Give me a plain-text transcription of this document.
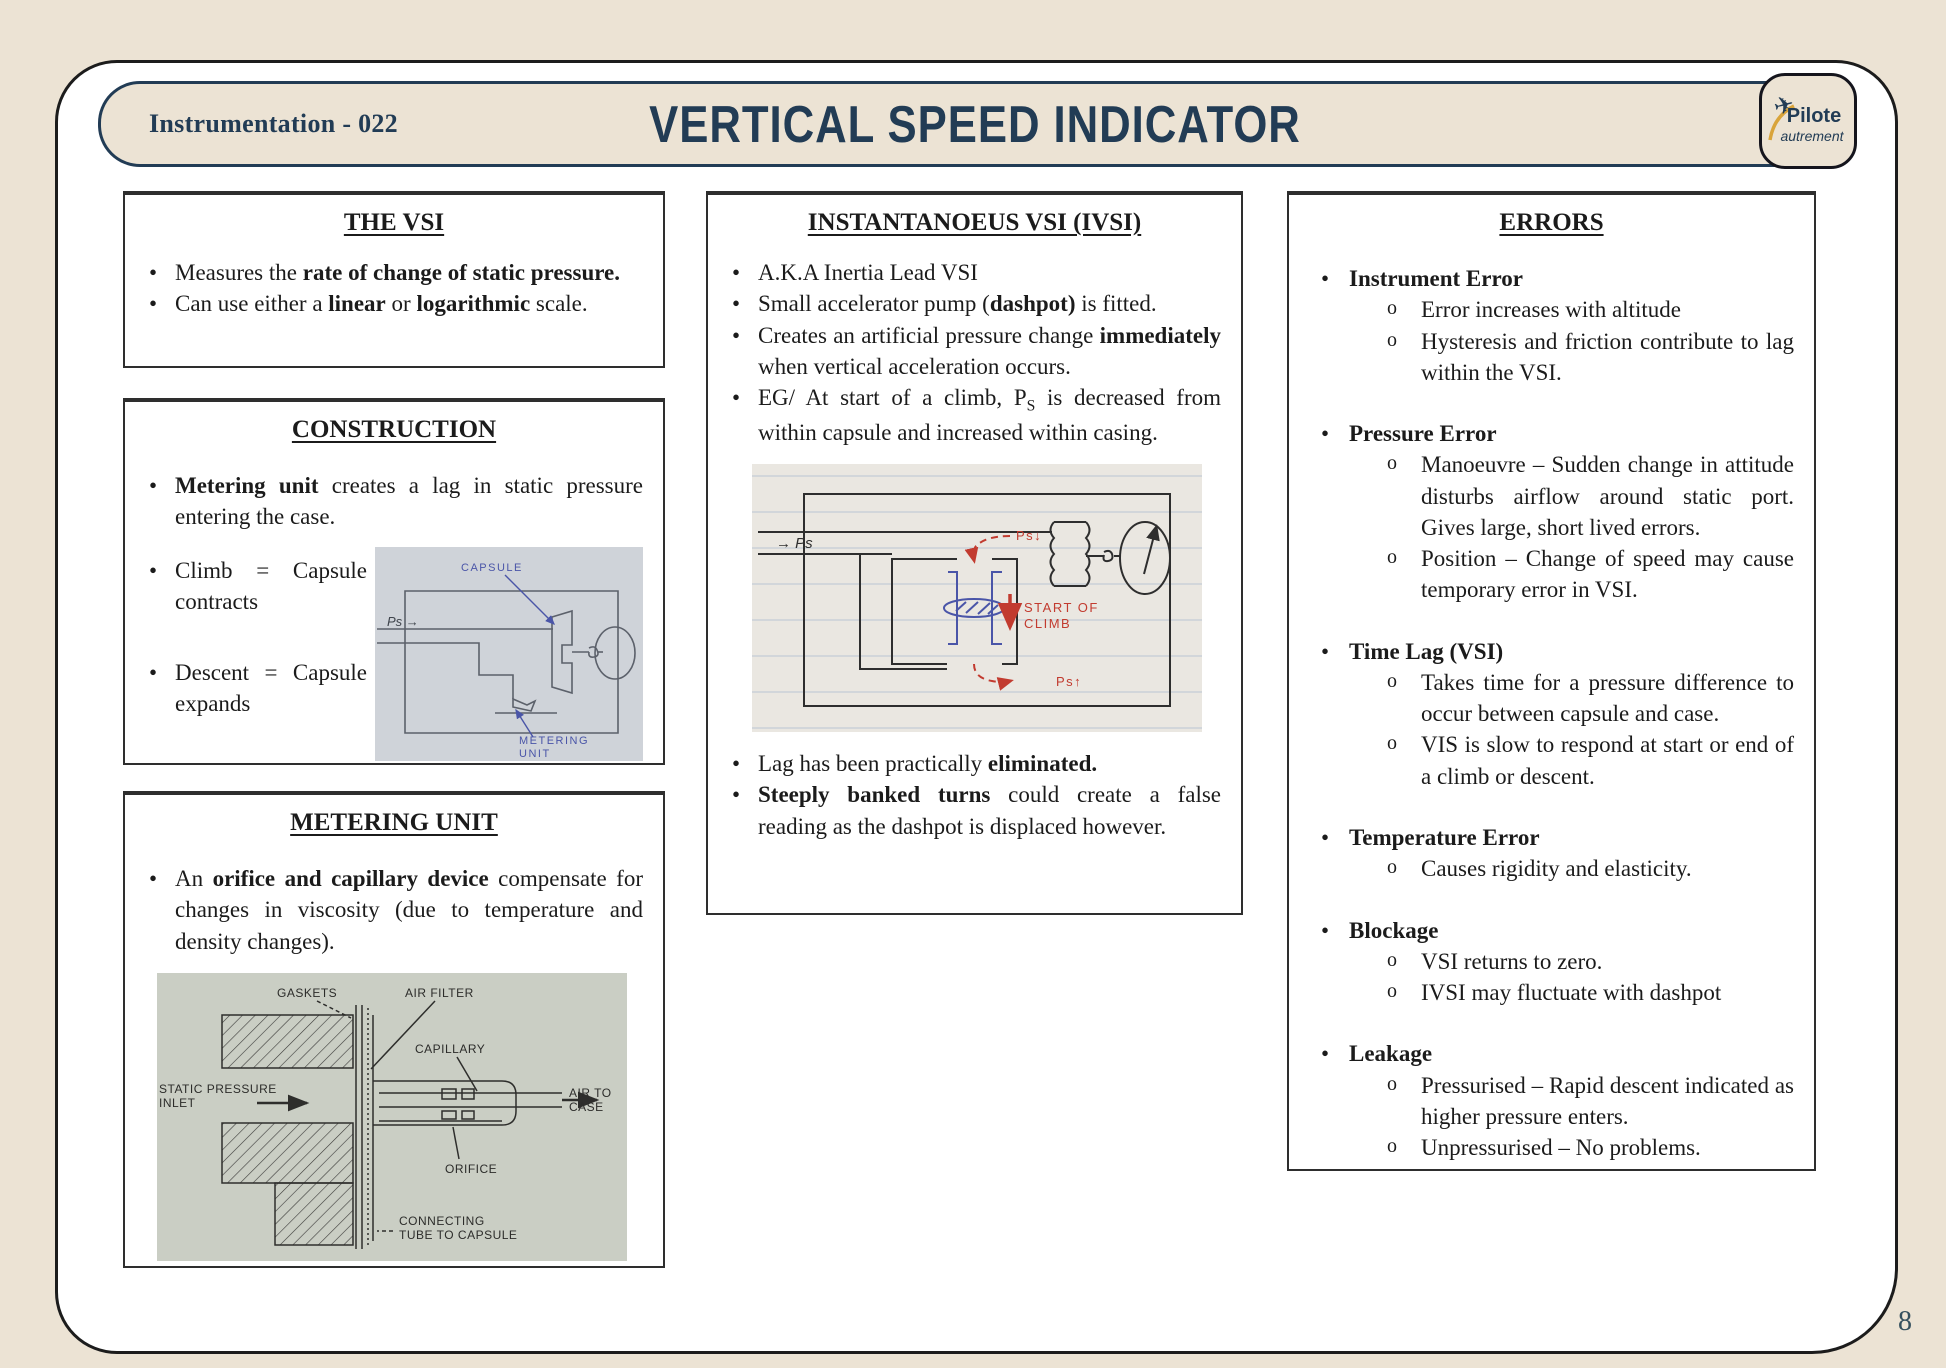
Instrumentation - 022	VERTICAL SPEED INDICATOR	✈
Pilote
autrement
THE VSI
• Measures the rate of change of static pressure.
• Can use either a linear or logarithmic scale.
CONSTRUCTION
• Metering unit creates a lag in static pressure entering the case.
• Climb = Capsule contracts
• Descent = Capsule expands
CAPSULE
METERING
UNIT
Ps →
METERING UNIT
• An orifice and capillary device compensate for changes in viscosity (due to temperature and density changes).
GASKETS	AIR FILTER
CAPILLARY
STATIC PRESSURE
INLET
AIR TO
CASE
ORIFICE
CONNECTING
TUBE TO CAPSULE
INSTANTANOEUS VSI (IVSI)
• A.K.A Inertia Lead VSI
• Small accelerator pump (dashpot) is fitted.
• Creates an artificial pressure change immediately when vertical acceleration occurs.
• EG/ At start of a climb, $P_S$ is decreased from within capsule and increased within casing.
Ps↓
START OF
CLIMB
Ps↑
→ Ps
• Lag has been practically eliminated.
• Steeply banked turns could create a false reading as the dashpot is displaced however.
ERRORS
• Instrument Error
o Error increases with altitude
o Hysteresis and friction contribute to lag within the VSI.
• Pressure Error
o Manoeuvre – Sudden change in attitude disturbs airflow around static port. Gives large, short lived errors.
o Position – Change of speed may cause temporary error in VSI.
• Time Lag (VSI)
o Takes time for a pressure difference to occur between capsule and case.
o VIS is slow to respond at start or end of a climb or descent.
• Temperature Error
o Causes rigidity and elasticity.
• Blockage
o VSI returns to zero.
o IVSI may fluctuate with dashpot
• Leakage
o Pressurised – Rapid descent indicated as higher pressure enters.
o Unpressurised – No problems.
8
